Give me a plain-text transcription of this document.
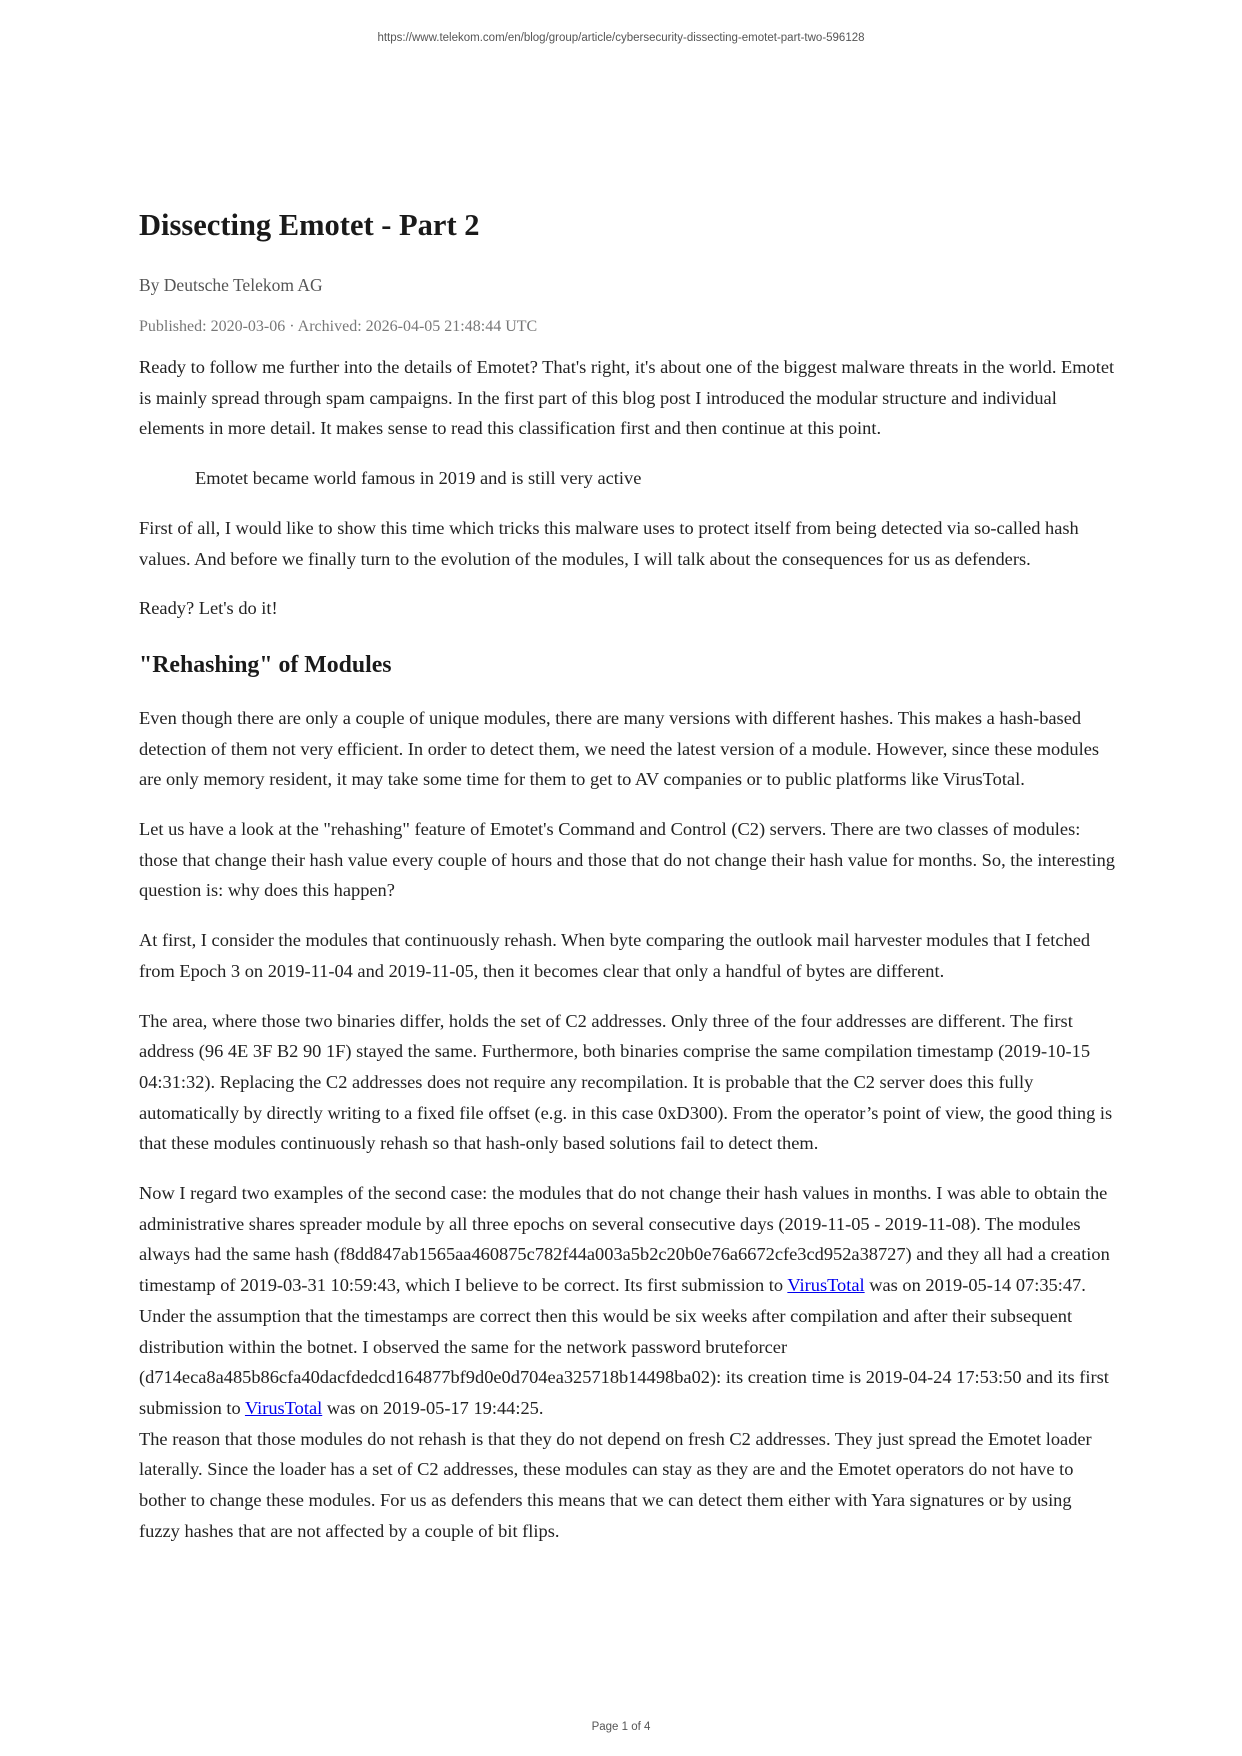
https://www.telekom.com/en/blog/group/article/cybersecurity-dissecting-emotet-part-two-596128
Dissecting Emotet - Part 2
By Deutsche Telekom AG
Published: 2020-03-06 · Archived: 2026-04-05 21:48:44 UTC

Ready to follow me further into the details of Emotet? That's right, it's about one of the biggest malware threats in the world. Emotet is mainly spread through spam campaigns. In the first part of this blog post I introduced the modular structure and individual elements in more detail. It makes sense to read this classification first and then continue at this point.

Emotet became world famous in 2019 and is still very active

First of all, I would like to show this time which tricks this malware uses to protect itself from being detected via so-called hash values. And before we finally turn to the evolution of the modules, I will talk about the consequences for us as defenders.

Ready? Let's do it!

"Rehashing" of Modules

Even though there are only a couple of unique modules, there are many versions with different hashes. This makes a hash-based detection of them not very efficient. In order to detect them, we need the latest version of a module. However, since these modules are only memory resident, it may take some time for them to get to AV companies or to public platforms like VirusTotal.

Let us have a look at the "rehashing" feature of Emotet's Command and Control (C2) servers. There are two classes of modules: those that change their hash value every couple of hours and those that do not change their hash value for months. So, the interesting question is: why does this happen?

At first, I consider the modules that continuously rehash. When byte comparing the outlook mail harvester modules that I fetched from Epoch 3 on 2019-11-04 and 2019-11-05, then it becomes clear that only a handful of bytes are different.

The area, where those two binaries differ, holds the set of C2 addresses. Only three of the four addresses are different. The first address (96 4E 3F B2 90 1F) stayed the same. Furthermore, both binaries comprise the same compilation timestamp (2019-10-15 04:31:32). Replacing the C2 addresses does not require any recompilation. It is probable that the C2 server does this fully automatically by directly writing to a fixed file offset (e.g. in this case 0xD300). From the operator’s point of view, the good thing is that these modules continuously rehash so that hash-only based solutions fail to detect them.

Now I regard two examples of the second case: the modules that do not change their hash values in months. I was able to obtain the administrative shares spreader module by all three epochs on several consecutive days (2019-11-05 - 2019-11-08). The modules always had the same hash (f8dd847ab1565aa460875c782f44a003a5b2c20b0e76a6672cfe3cd952a38727) and they all had a creation timestamp of 2019-03-31 10:59:43, which I believe to be correct. Its first submission to VirusTotal was on 2019-05-14 07:35:47. Under the assumption that the timestamps are correct then this would be six weeks after compilation and after their subsequent distribution within the botnet. I observed the same for the network password bruteforcer (d714eca8a485b86cfa40dacfdedcd164877bf9d0e0d704ea325718b14498ba02): its creation time is 2019-04-24 17:53:50 and its first submission to VirusTotal was on 2019-05-17 19:44:25.

The reason that those modules do not rehash is that they do not depend on fresh C2 addresses. They just spread the Emotet loader laterally. Since the loader has a set of C2 addresses, these modules can stay as they are and the Emotet operators do not have to bother to change these modules. For us as defenders this means that we can detect them either with Yara signatures or by using fuzzy hashes that are not affected by a couple of bit flips.

Page 1 of 4
